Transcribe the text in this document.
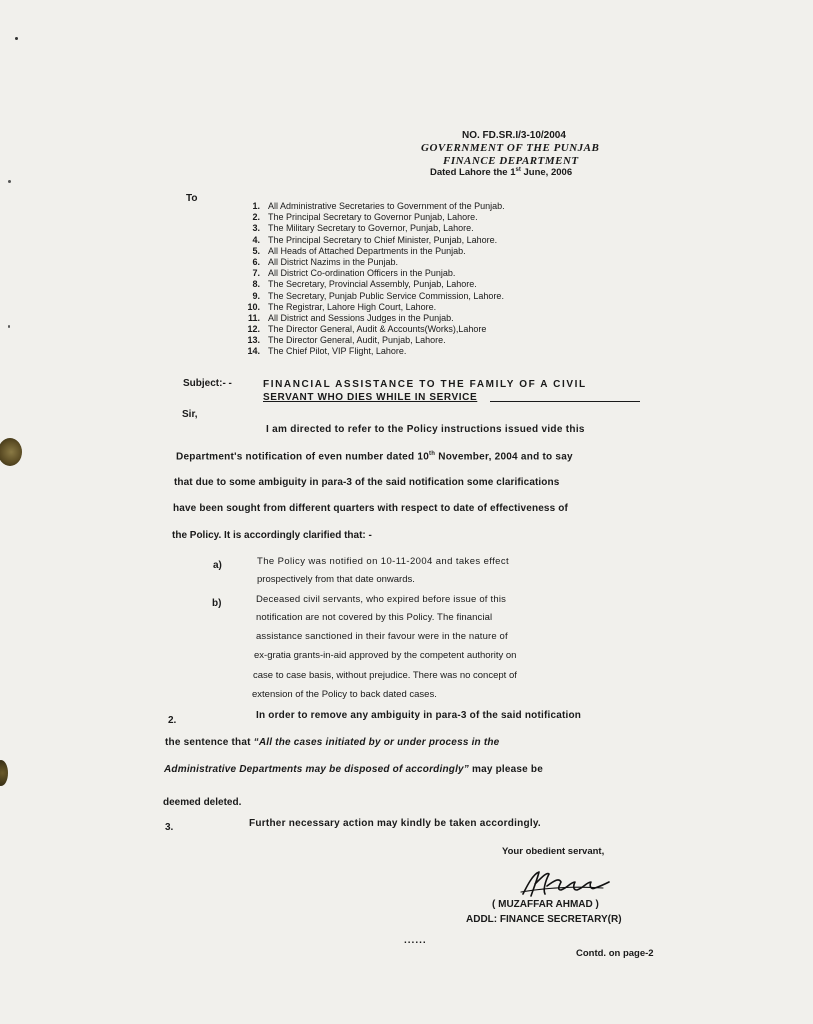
NO. FD.SR.I/3-10/2004
GOVERNMENT OF THE PUNJAB
FINANCE DEPARTMENT
Dated Lahore the 1st June, 2006
To
1. All Administrative Secretaries to Government of the Punjab.
2. The Principal Secretary to Governor Punjab, Lahore.
3. The Military Secretary to Governor, Punjab, Lahore.
4. The Principal Secretary to Chief Minister, Punjab, Lahore.
5. All Heads of Attached Departments in the Punjab.
6. All District Nazims in the Punjab.
7. All District Co-ordination Officers in the Punjab.
8. The Secretary, Provincial Assembly, Punjab, Lahore.
9. The Secretary, Punjab Public Service Commission, Lahore.
10. The Registrar, Lahore High Court, Lahore.
11. All District and Sessions Judges in the Punjab.
12. The Director General, Audit & Accounts(Works),Lahore
13. The Director General, Audit, Punjab, Lahore.
14. The Chief Pilot, VIP Flight, Lahore.
Subject:- -	FINANCIAL ASSISTANCE TO THE FAMILY OF A CIVIL
SERVANT WHO DIES WHILE IN SERVICE
Sir,
I am directed to refer to the Policy instructions issued vide this
Department's notification of even number dated 10th November, 2004 and to say
that due to some ambiguity in para-3 of the said notification some clarifications
have been sought from different quarters with respect to date of effectiveness of
the Policy. It is accordingly clarified that: -
a)	The Policy was notified on 10-11-2004 and takes effect
prospectively from that date onwards.
b)	Deceased civil servants, who expired before issue of this
notification are not covered by this Policy. The financial
assistance sanctioned in their favour were in the nature of
ex-gratia grants-in-aid approved by the competent authority on
case to case basis, without prejudice. There was no concept of
extension of the Policy to back dated cases.
2.	In order to remove any ambiguity in para-3 of the said notification
the sentence that “All the cases initiated by or under process in the
Administrative Departments may be disposed of accordingly” may please be
deemed deleted.
3.	Further necessary action may kindly be taken accordingly.
Your obedient servant,
( MUZAFFAR AHMAD )
ADDL: FINANCE SECRETARY(R)
......
Contd. on page-2
